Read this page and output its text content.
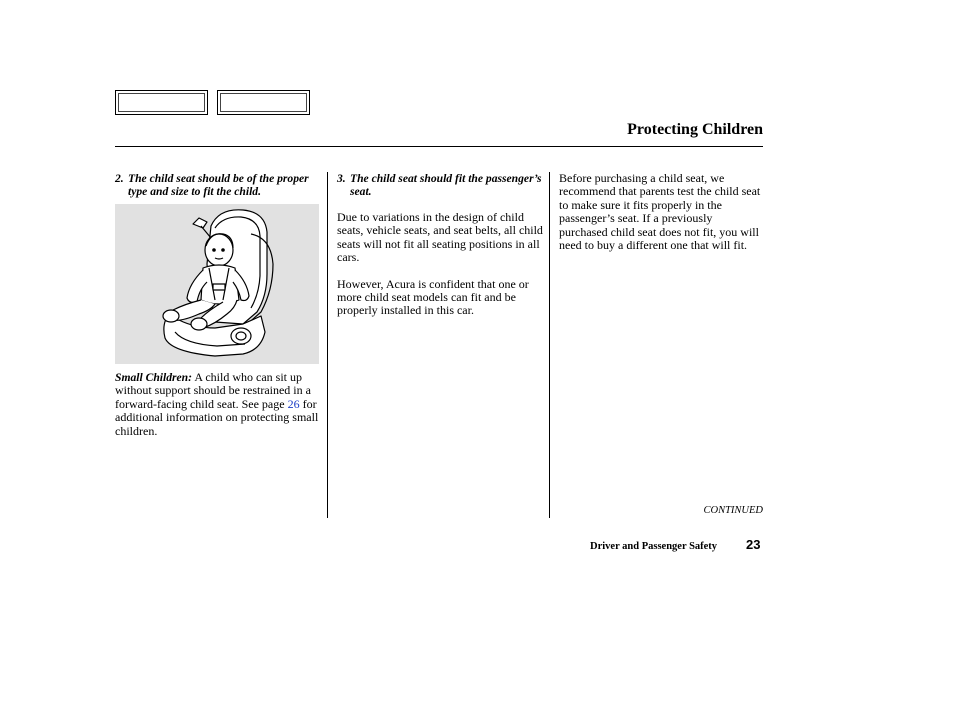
Protecting Children
2. The child seat should be of the proper type and size to fit the child.

Small Children: A child who can sit up without support should be restrained in a forward-facing child seat. See page 26 for additional information on protecting small children.

3. The child seat should fit the passenger’s seat.

Due to variations in the design of child seats, vehicle seats, and seat belts, all child seats will not fit all seating positions in all cars.

However, Acura is confident that one or more child seat models can fit and be properly installed in this car.

Before purchasing a child seat, we recommend that parents test the child seat to make sure it fits properly in the passenger’s seat. If a previously purchased child seat does not fit, you will need to buy a different one that will fit.

CONTINUED
Driver and Passenger Safety 23
